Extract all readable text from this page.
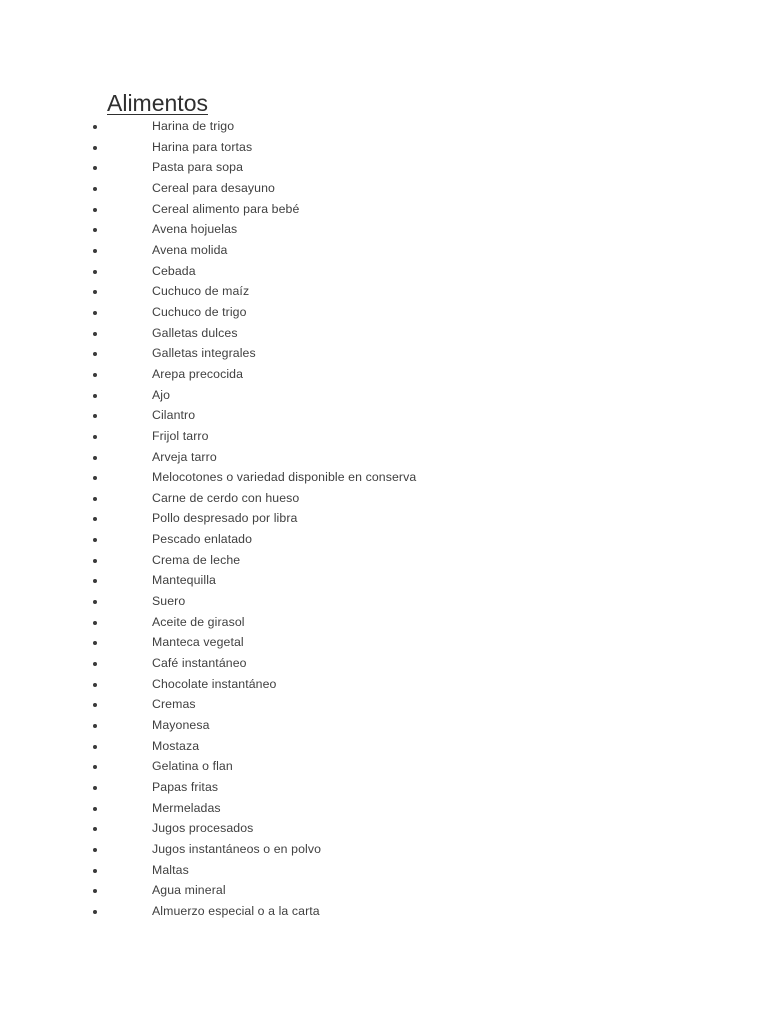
Alimentos
Harina de trigo
Harina para tortas
Pasta para sopa
Cereal para desayuno
Cereal alimento para bebé
Avena hojuelas
Avena molida
Cebada
Cuchuco de maíz
Cuchuco de trigo
Galletas dulces
Galletas integrales
Arepa precocida
Ajo
Cilantro
Frijol tarro
Arveja tarro
Melocotones o variedad disponible en conserva
Carne de cerdo con hueso
Pollo despresado por libra
Pescado enlatado
Crema de leche
Mantequilla
Suero
Aceite de girasol
Manteca vegetal
Café instantáneo
Chocolate instantáneo
Cremas
Mayonesa
Mostaza
Gelatina o flan
Papas fritas
Mermeladas
Jugos procesados
Jugos instantáneos o en polvo
Maltas
Agua mineral
Almuerzo especial o a la carta
